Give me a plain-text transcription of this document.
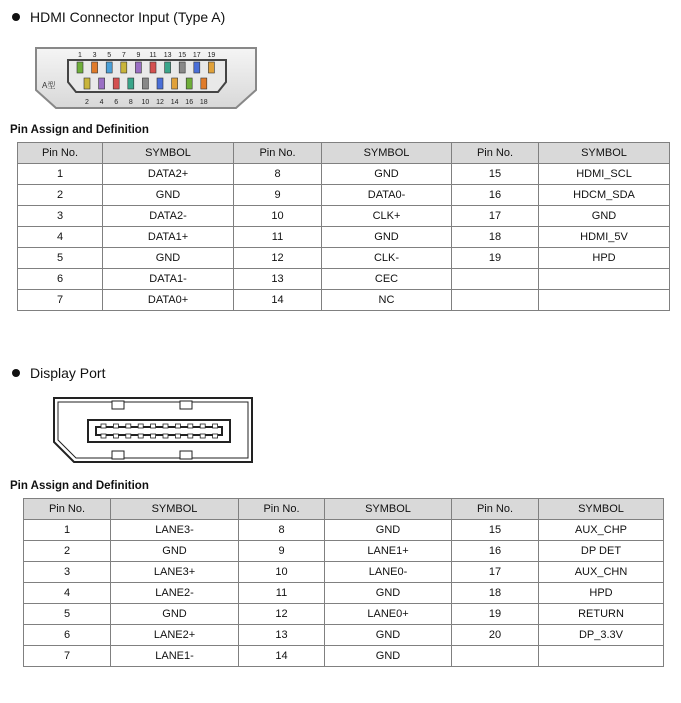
HDMI Connector Input (Type A)
A型
1 3 5 7 9 11 13 15 17 19
2 4 6 8 10 12 14 16 18
Pin Assign and Definition
Pin No.	SYMBOL	Pin No.	SYMBOL	Pin No.	SYMBOL
1	DATA2+	8	GND	15	HDMI_SCL
2	GND	9	DATA0-	16	HDCM_SDA
3	DATA2-	10	CLK+	17	GND
4	DATA1+	11	GND	18	HDMI_5V
5	GND	12	CLK-	19	HPD
6	DATA1-	13	CEC		
7	DATA0+	14	NC		
Display Port
Pin Assign and Definition
Pin No.	SYMBOL	Pin No.	SYMBOL	Pin No.	SYMBOL
1	LANE3-	8	GND	15	AUX_CHP
2	GND	9	LANE1+	16	DP DET
3	LANE3+	10	LANE0-	17	AUX_CHN
4	LANE2-	11	GND	18	HPD
5	GND	12	LANE0+	19	RETURN
6	LANE2+	13	GND	20	DP_3.3V
7	LANE1-	14	GND		
